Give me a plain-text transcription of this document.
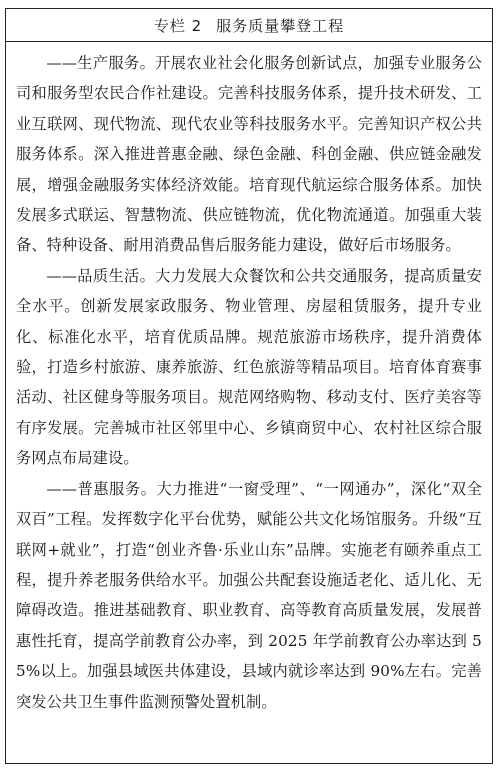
专栏 2 服务质量攀登工程

——生产服务。开展农业社会化服务创新试点，加强专业服务公司和服务型农民合作社建设。完善科技服务体系，提升技术研发、工业互联网、现代物流、现代农业等科技服务水平。完善知识产权公共服务体系。深入推进普惠金融、绿色金融、科创金融、供应链金融发展，增强金融服务实体经济效能。培育现代航运综合服务体系。加快发展多式联运、智慧物流、供应链物流，优化物流通道。加强重大装备、特种设备、耐用消费品售后服务能力建设，做好后市场服务。

——品质生活。大力发展大众餐饮和公共交通服务，提高质量安全水平。创新发展家政服务、物业管理、房屋租赁服务，提升专业化、标准化水平，培育优质品牌。规范旅游市场秩序，提升消费体验，打造乡村旅游、康养旅游、红色旅游等精品项目。培育体育赛事活动、社区健身等服务项目。规范网络购物、移动支付、医疗美容等有序发展。完善城市社区邻里中心、乡镇商贸中心、农村社区综合服务网点布局建设。

——普惠服务。大力推进“一窗受理”、“一网通办”，深化“双全双百”工程。发挥数字化平台优势，赋能公共文化场馆服务。升级“互联网+就业”，打造“创业齐鲁·乐业山东”品牌。实施老有颐养重点工程，提升养老服务供给水平。加强公共配套设施适老化、适儿化、无障碍改造。推进基础教育、职业教育、高等教育高质量发展，发展普惠性托育，提高学前教育公办率，到 2025 年学前教育公办率达到 55%以上。加强县域医共体建设，县域内就诊率达到 90%左右。完善突发公共卫生事件监测预警处置机制。
